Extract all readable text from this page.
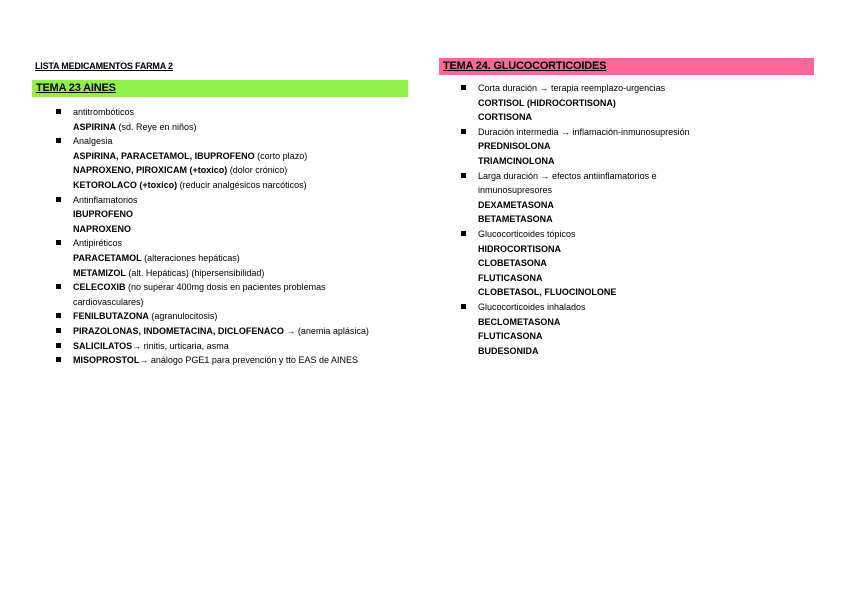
LISTA MEDICAMENTOS FARMA 2
TEMA 23 AINES
antitrombóticos
ASPIRINA (sd. Reye en niños)
Analgesia
ASPIRINA, PARACETAMOL, IBUPROFENO (corto plazo)
NAPROXENO, PIROXICAM (+toxico) (dolor crónico)
KETOROLACO (+toxico) (reducir analgésicos narcóticos)
Antinflamatorios
IBUPROFENO
NAPROXENO
Antipiréticos
PARACETAMOL (alteraciones hepáticas)
METAMIZOL (alt. Hepáticas) (hipersensibilidad)
CELECOXIB (no superar 400mg dosis en pacientes problemas
cardiovasculares)
FENILBUTAZONA (agranulocitosis)
PIRAZOLONAS, INDOMETACINA, DICLOFENACO → (anemia aplásica)
SALICILATOS→ rinitis, urticaria, asma
MISOPROSTOL→ análogo PGE1 para prevención y tto EAS de AINES
TEMA 24. GLUCOCORTICOIDES
Corta duración → terapia reemplazo-urgencias
CORTISOL (HIDROCORTISONA)
CORTISONA
Duración intermedia → inflamación-inmunosupresión
PREDNISOLONA
TRIAMCINOLONA
Larga duración → efectos antiinflamatorios e
inmunosupresores
DEXAMETASONA
BETAMETASONA
Glucocorticoides tópicos
HIDROCORTISONA
CLOBETASONA
FLUTICASONA
CLOBETASOL, FLUOCINOLONE
Glucocorticoides inhalados
BECLOMETASONA
FLUTICASONA
BUDESONIDA
